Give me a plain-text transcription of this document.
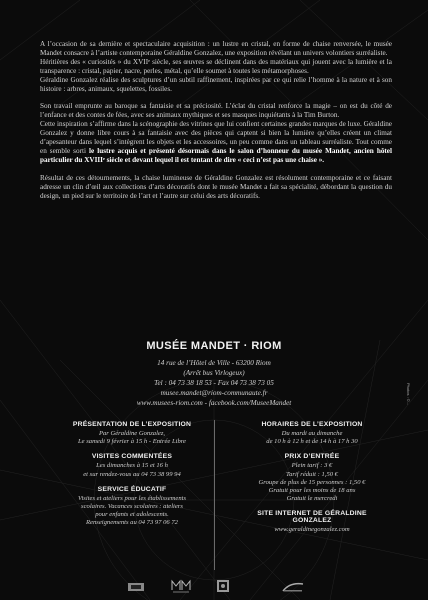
A l’occasion de sa dernière et spectaculaire acquisition : un lustre en cristal, en forme de chaise renversée, le musée Mandet consacre à l’artiste contemporaine Géraldine Gonzalez, une exposition révélant un univers volontiers surréaliste.

Héritières des « curiosités » du XVIIᵉ siècle, ses œuvres se déclinent dans des matériaux qui jouent avec la lumière et la transparence : cristal, papier, nacre, perles, métal, qu’elle soumet à toutes les métamorphoses.

Géraldine Gonzalez réalise des sculptures d’un subtil raffinement, inspirées par ce qui relie l’homme à la nature et à son histoire : arbres, animaux, squelettes, fossiles.

Son travail emprunte au baroque sa fantaisie et sa préciosité. L’éclat du cristal renforce la magie – on est du côté de l’enfance et des contes de fées, avec ses animaux mythiques et ses masques inquiétants à la Tim Burton.

Cette inspiration s’affirme dans la scénographie des vitrines que lui confient certaines grandes marques de luxe. Géraldine Gonzalez y donne libre cours à sa fantaisie avec des pièces qui captent si bien la lumière qu’elles créent un climat d’apesanteur dans lequel s’intègrent les objets et les accessoires, un peu comme dans un tableau surréaliste. Tout comme en semble sorti le lustre acquis et présenté désormais dans le salon d’honneur du musée Mandet, ancien hôtel particulier du XVIIIᵉ siècle et devant lequel il est tentant de dire « ceci n’est pas une chaise ».

Résultat de ces détournements, la chaise lumineuse de Géraldine Gonzalez est résolument contemporaine et ce faisant adresse un clin d’œil aux collections d’arts décoratifs dont le musée Mandet a fait sa spécialité, débordant la question du design, un pied sur le territoire de l’art et l’autre sur celui des arts décoratifs.

MUSÉE MANDET · RIOM
14 rue de l’Hôtel de Ville - 63200 Riom
(Arrêt bus Virlogeux)
Tel : 04 73 38 18 53 - Fax 04 73 38 73 05
musee.mandet@riom-communaute.fr
www.musees-riom.com - facebook.com/MuseeMandet	Photos : ©...
PRÉSENTATION DE L’EXPOSITION
Par Géraldine Gonzalez,
Le samedi 9 février à 15 h - Entrée Libre
VISITES COMMENTÉES
Les dimanches à 15 et 16 h
et sur rendez-vous au 04 73 38 99 94
SERVICE ÉDUCATIF
Visites et ateliers pour les établissements
scolaires. Vacances scolaires : ateliers
pour enfants et adolescents.
Renseignements au 04 73 97 06 72
HORAIRES DE L’EXPOSITION
Du mardi au dimanche
de 10 h à 12 h et de 14 h à 17 h 30
PRIX D’ENTRÉE
Plein tarif : 3 €
Tarif réduit : 1,50 €
Groupe de plus de 15 personnes : 1,50 €
Gratuit pour les moins de 18 ans
Gratuit le mercredi
SITE INTERNET DE GÉRALDINE GONZALEZ
www.geraldinegonzalez.com
